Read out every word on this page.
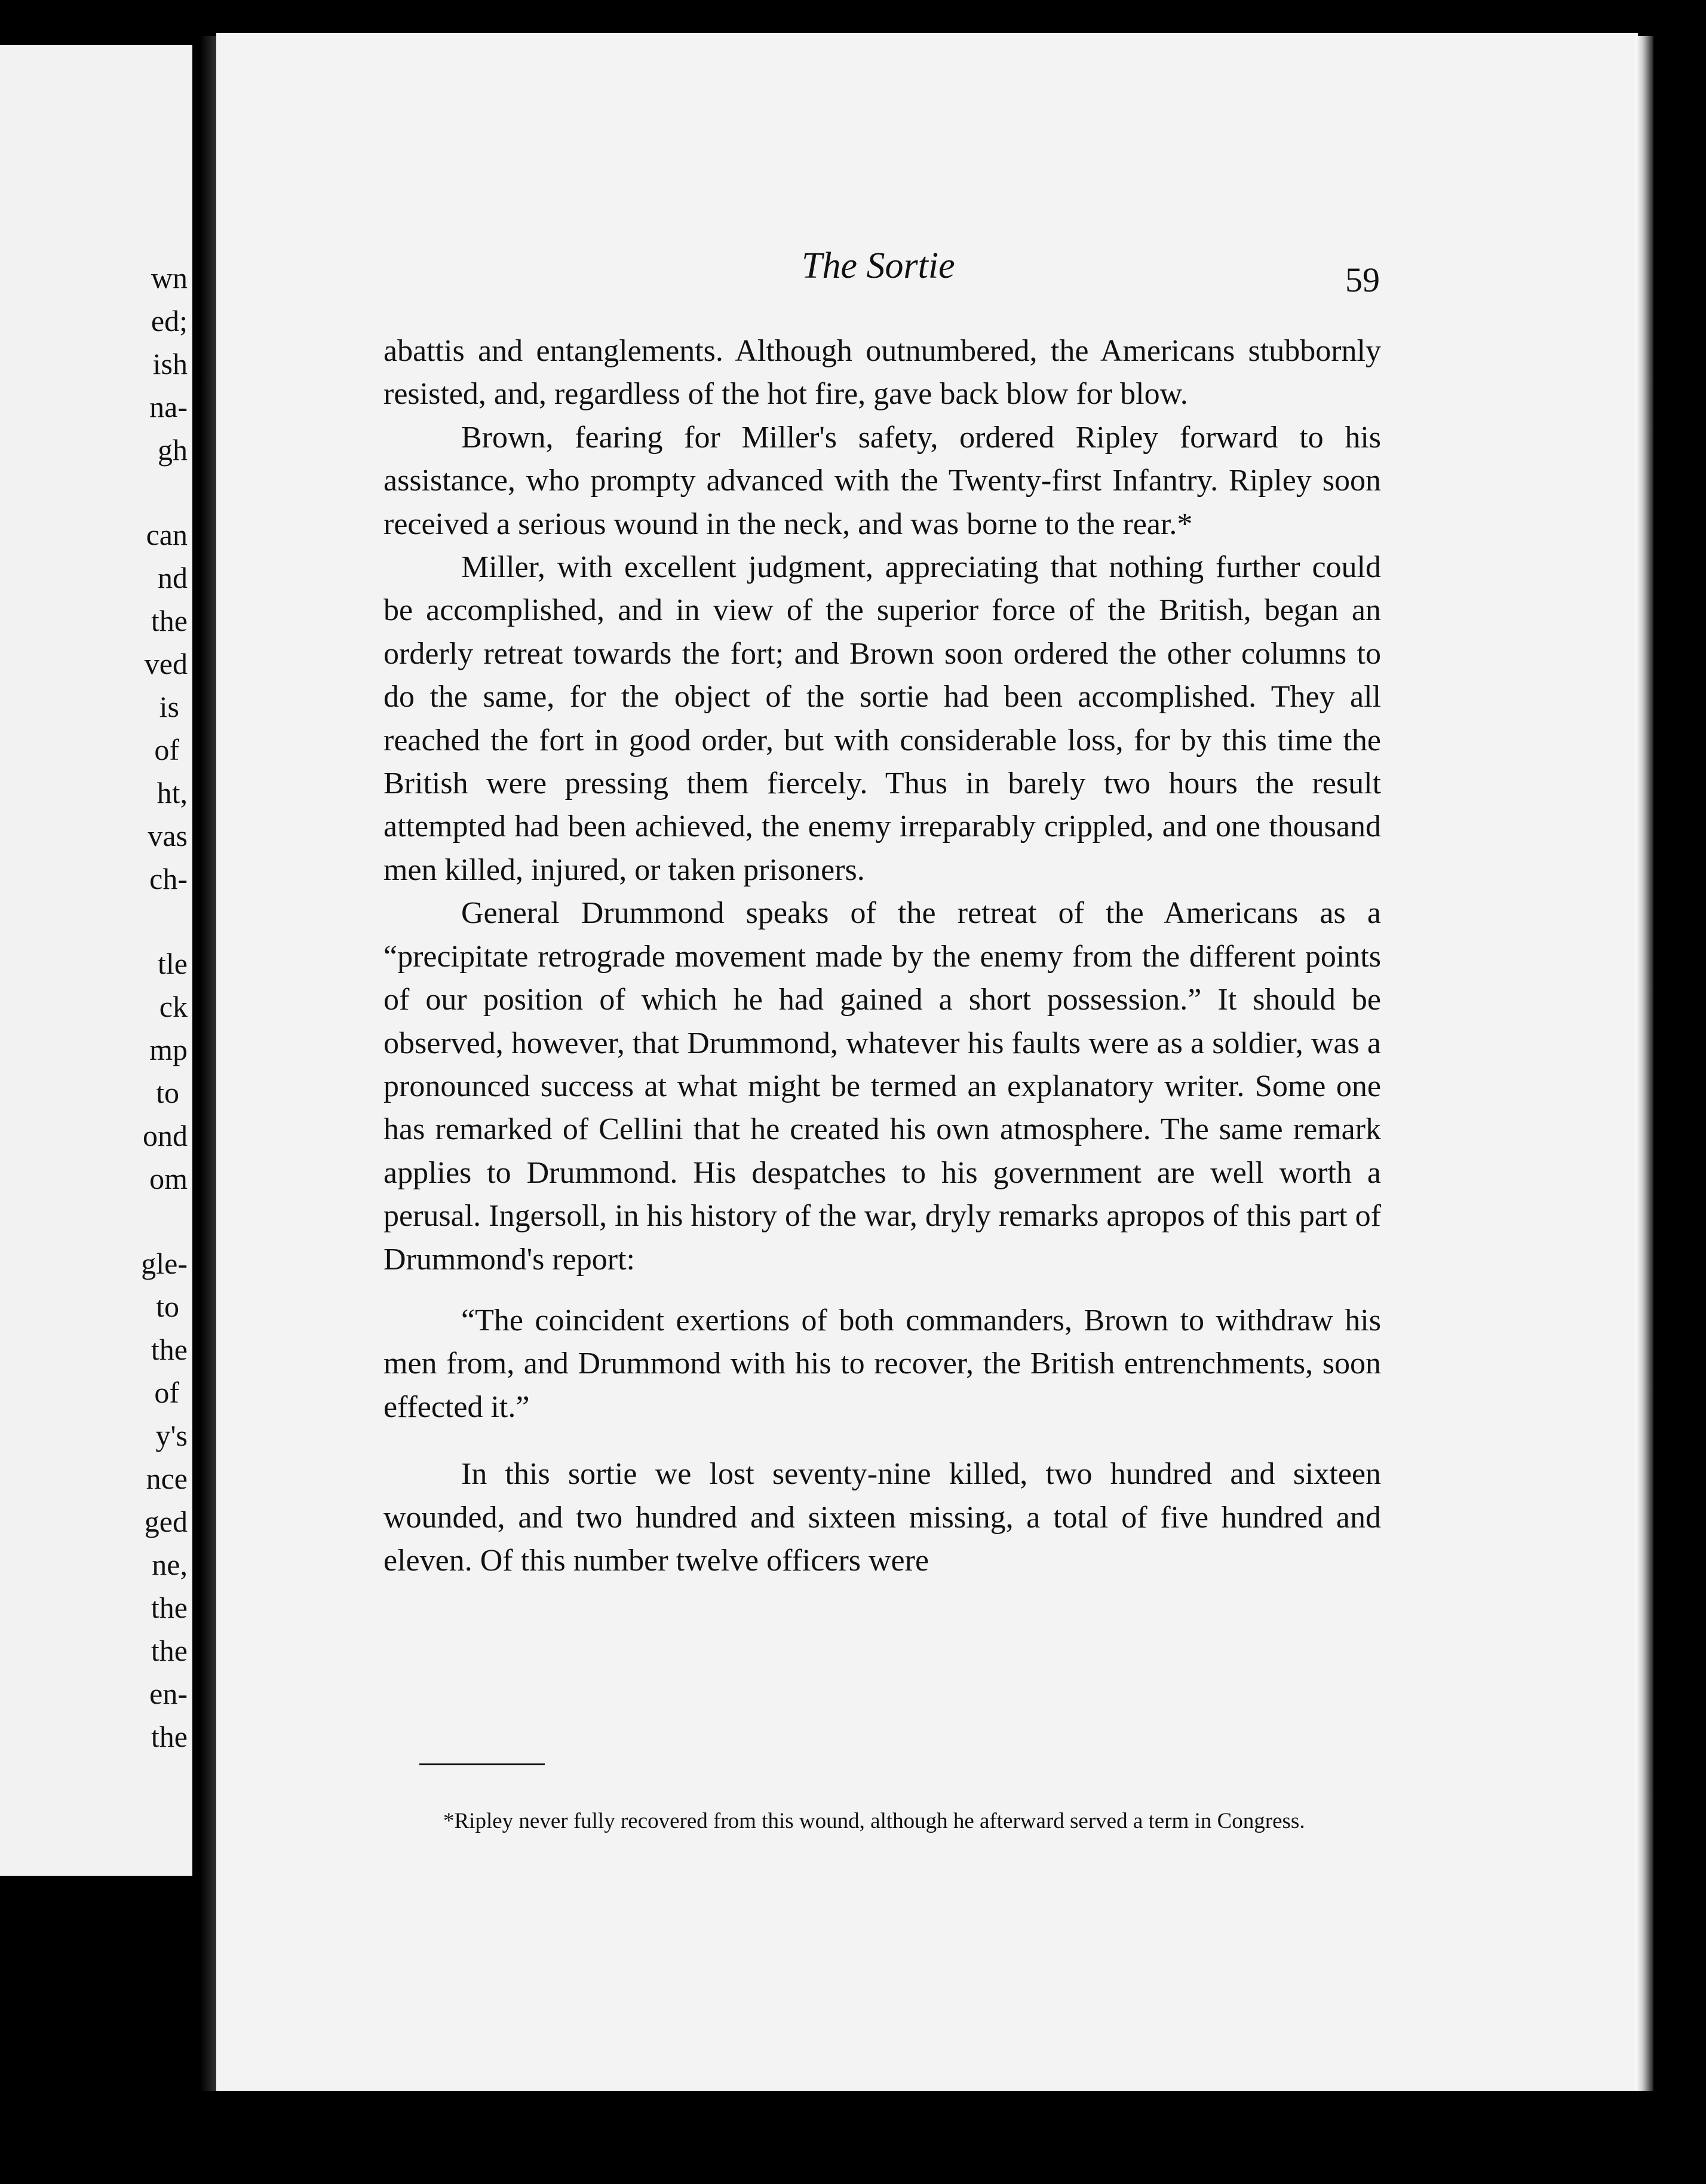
wn
ed;
ish
na-
gh
can
nd
the
ved
is
of
ht,
vas
ch-
tle
ck
mp
to
ond
om
gle-
to
the
of
y's
nce
ged
ne,
the
the
en-
the
The Sortie	59

abattis and entanglements. Although outnumbered, the Americans stubbornly resisted, and, regardless of the hot fire, gave back blow for blow.

Brown, fearing for Miller's safety, ordered Ripley forward to his assistance, who prompty advanced with the Twenty-first Infantry. Ripley soon received a serious wound in the neck, and was borne to the rear.*

Miller, with excellent judgment, appreciating that nothing further could be accomplished, and in view of the superior force of the British, began an orderly retreat towards the fort; and Brown soon ordered the other columns to do the same, for the object of the sortie had been accomplished. They all reached the fort in good order, but with considerable loss, for by this time the British were pressing them fiercely. Thus in barely two hours the result attempted had been achieved, the enemy irreparably crippled, and one thousand men killed, injured, or taken prisoners.

General Drummond speaks of the retreat of the Americans as a “precipitate retrograde movement made by the enemy from the different points of our position of which he had gained a short possession.” It should be observed, however, that Drummond, whatever his faults were as a soldier, was a pronounced success at what might be termed an explanatory writer. Some one has remarked of Cellini that he created his own atmosphere. The same remark applies to Drummond. His despatches to his government are well worth a perusal. Ingersoll, in his history of the war, dryly remarks apropos of this part of Drummond's report:

“The coincident exertions of both commanders, Brown to withdraw his men from, and Drummond with his to recover, the British entrenchments, soon effected it.”

In this sortie we lost seventy-nine killed, two hundred and sixteen wounded, and two hundred and sixteen missing, a total of five hundred and eleven. Of this number twelve officers were

*Ripley never fully recovered from this wound, although he afterward served a term in Congress.
